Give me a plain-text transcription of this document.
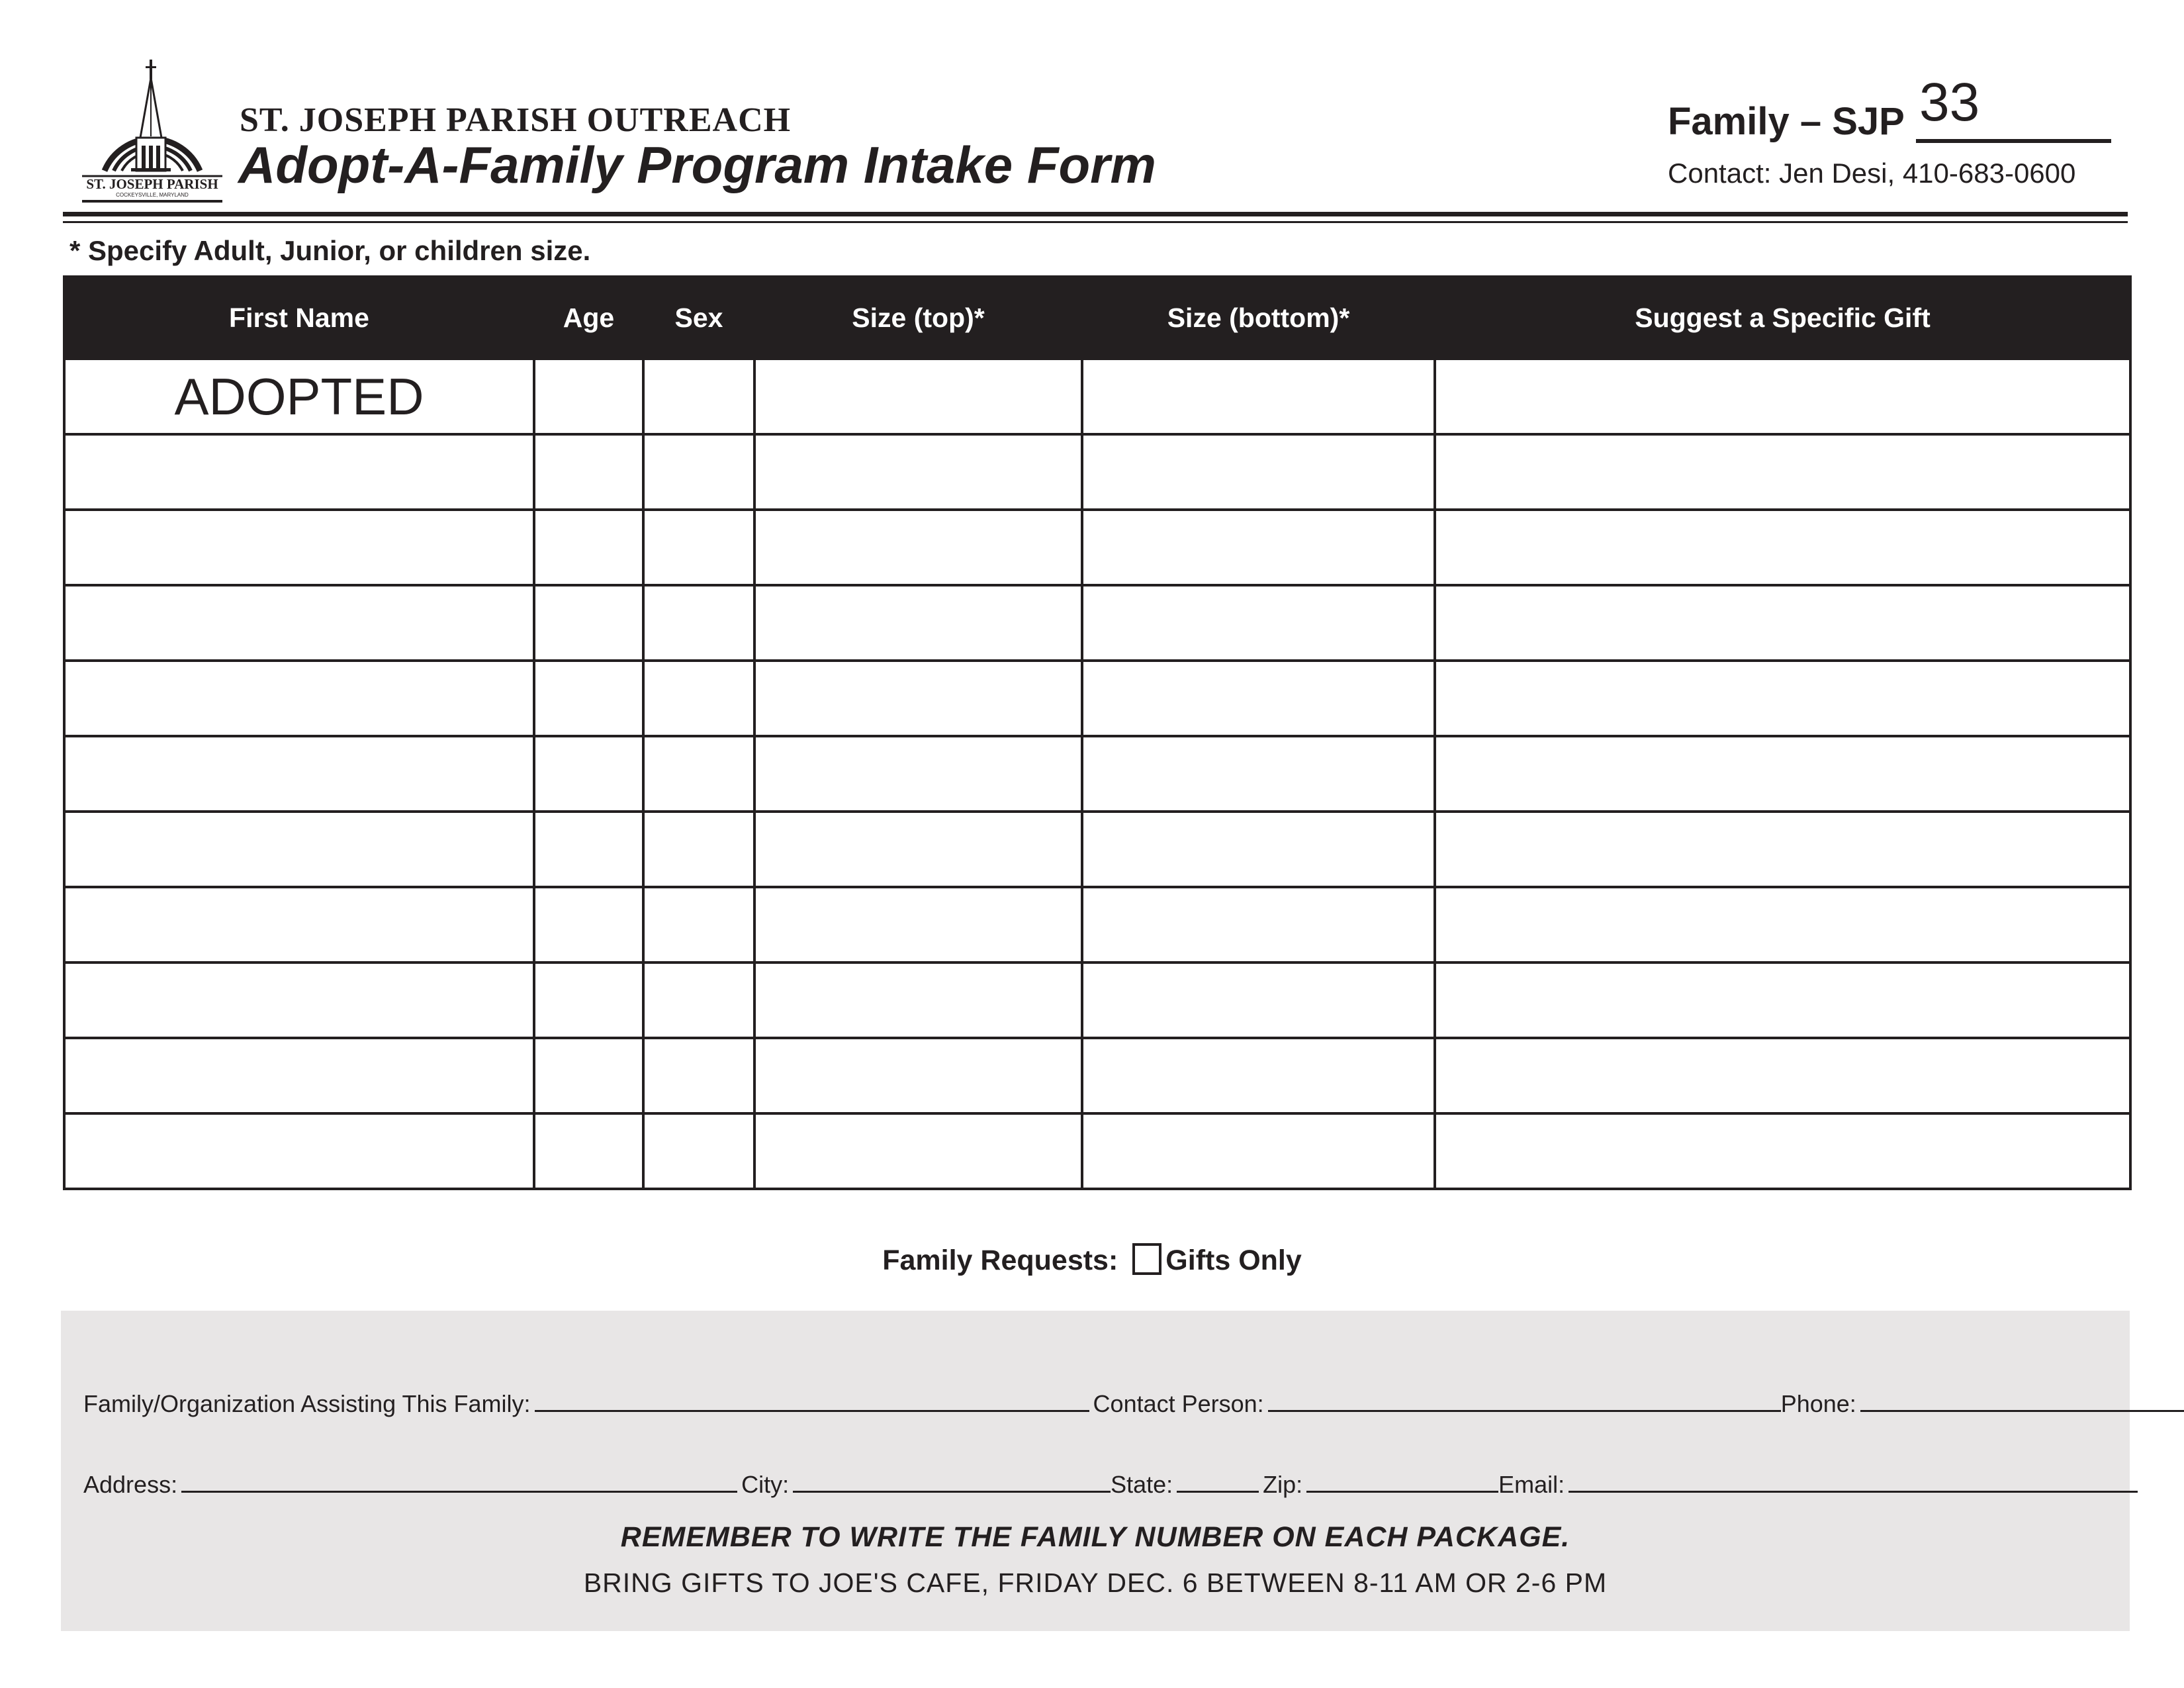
ST. JOSEPH PARISH
COCKEYSVILLE, MARYLAND
ST. JOSEPH PARISH OUTREACH
Adopt-A-Family Program Intake Form
Family – SJP 33
Contact: Jen Desi, 410-683-0600
* Specify Adult, Junior, or children size.
First Name	Age	Sex	Size (top)*	Size (bottom)*	Suggest a Specific Gift
ADOPTED					

Family Requests: Gifts Only
Family/Organization Assisting This Family:	Contact Person:	Phone:
Address:	City:	State:	Zip:	Email:
REMEMBER TO WRITE THE FAMILY NUMBER ON EACH PACKAGE.
BRING GIFTS TO JOE'S CAFE, FRIDAY DEC. 6 BETWEEN 8-11 AM OR 2-6 PM
